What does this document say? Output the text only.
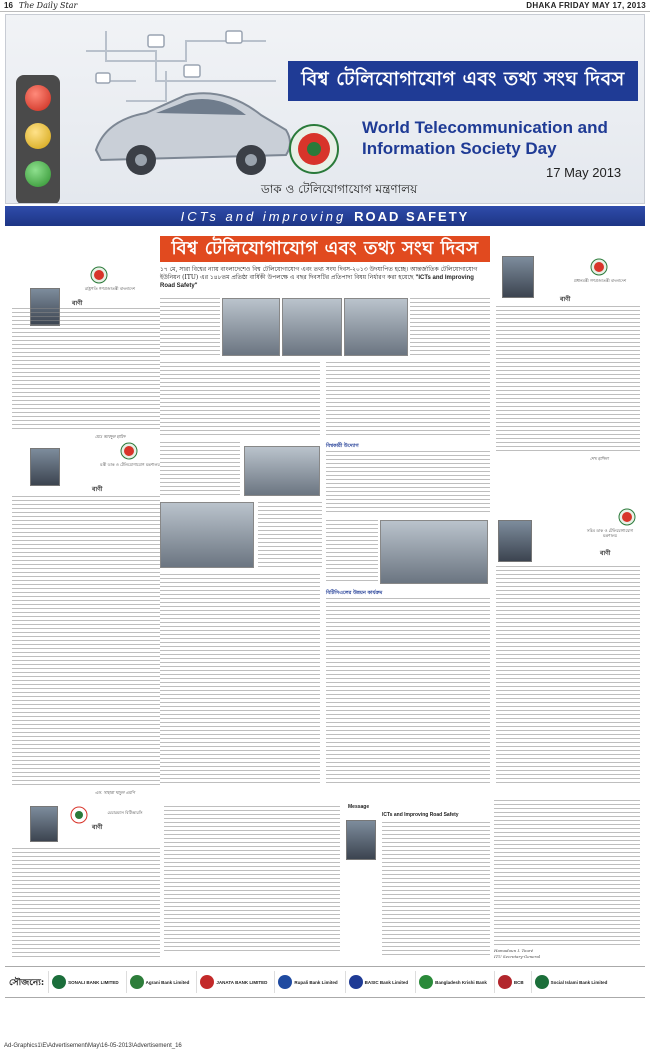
16 The Daily Star	DHAKA FRIDAY MAY 17, 2013
বিশ্ব টেলিযোগাযোগ এবং তথ্য সংঘ দিবস
World Telecommunication and Information Society Day
17 May 2013
ডাক ও টেলিযোগাযোগ মন্ত্রণালয়
ICTs and improving ROAD SAFETY
রাষ্ট্রপতি গণপ্রজাতন্ত্রী বাংলাদেশ
বাণী
মোঃ আবদুল হামিদ
মন্ত্রী ডাক ও টেলিযোগাযোগ মন্ত্রণালয়
বাণী
এড. সাহারা খাতুন এমপি
বিশ্ব টেলিযোগাযোগ এবং তথ্য সংঘ দিবস
১৭ মে, সারা বিশ্বের ন্যায় বাংলাদেশেও বিশ্ব টেলিযোগাযোগ এবং তথ্য সংঘ দিবস-২০১৩ উদযাপিত হচ্ছে। আন্তর্জাতিক টেলিযোগাযোগ ইউনিয়ন (ITU) এর ১৪৮তম প্রতিষ্ঠা বার্ষিকী উপলক্ষে এ বছর দিবসটির প্রতিপাদ্য বিষয় নির্ধারণ করা হয়েছে "ICTs and Improving Road Safety"
বিশ্বকারী উদ্যোগ
বিটিসিএলের উন্নয়ন কার্যক্রম
প্রধানমন্ত্রী গণপ্রজাতন্ত্রী বাংলাদেশ
বাণী
শেখ হাসিনা
সচিব ডাক ও টেলিযোগাযোগ মন্ত্রণালয়
বাণী
চেয়ারম্যান বিটিআরসি
বাণী
Message
ICTs and Improving Road Safety
Hamadoun I. Touré
ITU Secretary-General
সৌজন্যে:	SONALI BANK LIMITED	Agrani Bank Limited	JANATA BANK LIMITED	Rupali Bank Limited	BASIC Bank Limited	Bangladesh Krishi Bank	BCB	Social Islami Bank Limited
Ad-Graphics1\E\Advertisement\May\16-05-2013\Advertisement_16
